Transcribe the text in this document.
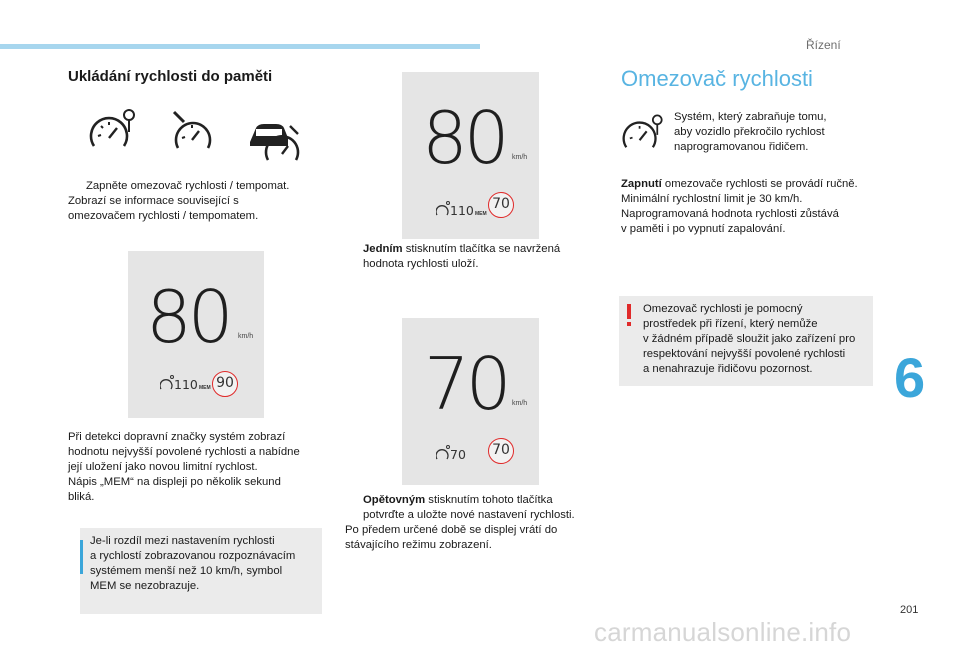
Řízení
6
201
Ukládání rychlosti do paměti
Zapněte omezovač rychlosti / tempomat.
Zobrazí se informace související s
omezovačem rychlosti / tempomatem.
80 km/h
110 MEM 90
Při detekci dopravní značky systém zobrazí
hodnotu nejvyšší povolené rychlosti a nabídne
její uložení jako novou limitní rychlost.
Nápis „MEM“ na displeji po několik sekund
bliká.
Je-li rozdíl mezi nastavením rychlosti
a rychlostí zobrazovanou rozpoznávacím
systémem menší než 10 km/h, symbol
MEM se nezobrazuje.
80 km/h
110 MEM
70
Jedním stisknutím tlačítka se navržená
hodnota rychlosti uloží.
70 km/h
70 70
Opětovným stisknutím tohoto tlačítka
potvrďte a uložte nové nastavení rychlosti.
Po předem určené době se displej vrátí do
stávajícího režimu zobrazení.
Omezovač rychlosti
Systém, který zabraňuje tomu,
aby vozidlo překročilo rychlost
naprogramovanou řidičem.
Zapnutí omezovače rychlosti se provádí ručně.
Minimální rychlostní limit je 30 km/h.
Naprogramovaná hodnota rychlosti zůstává
v paměti i po vypnutí zapalování.
Omezovač rychlosti je pomocný
prostředek při řízení, který nemůže
v žádném případě sloužit jako zařízení pro
respektování nejvyšší povolené rychlosti
a nenahrazuje řidičovu pozornost.
carmanualsonline.info
